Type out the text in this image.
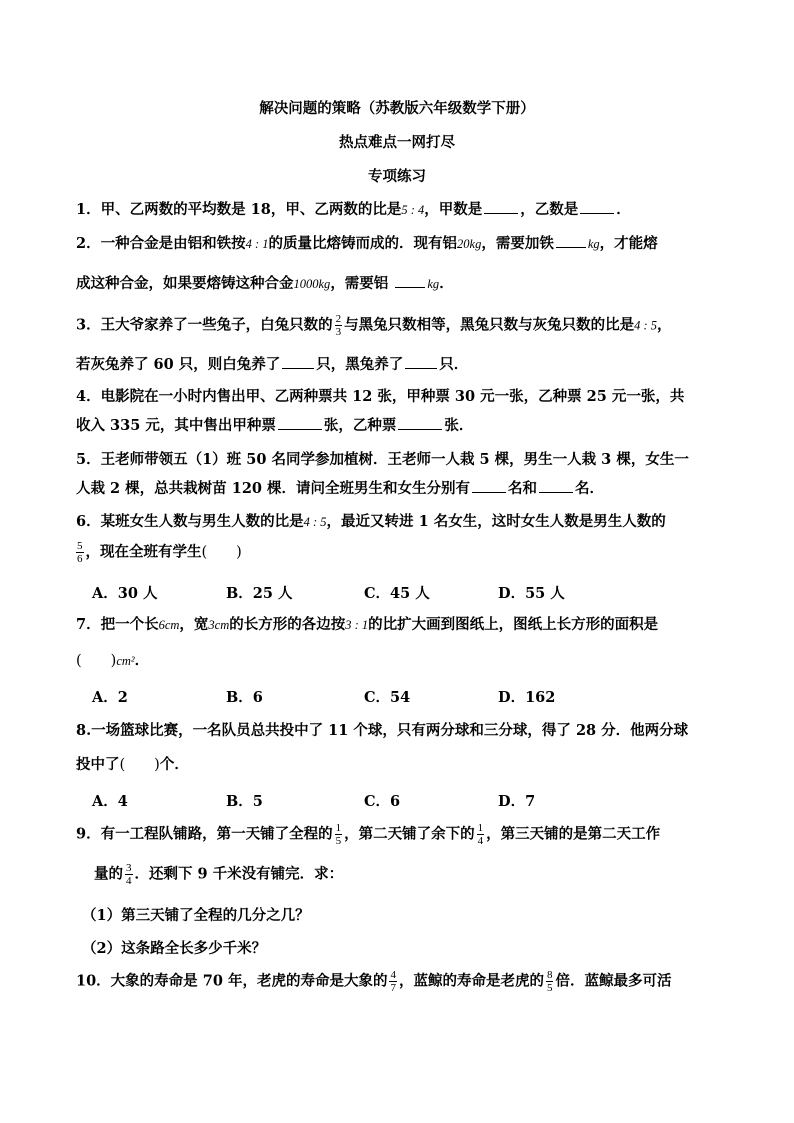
解决问题的策略（苏教版六年级数学下册）
热点难点一网打尽
专项练习
1．甲、乙两数的平均数是 18，甲、乙两数的比是5 : 4，甲数是	，乙数是	．
2．一种合金是由铝和铁按4 : 1的质量比熔铸而成的．现有铝20kg，需要加铁	kg，才能熔
成这种合金，如果要熔铸这种合金1000kg，需要铝	kg．
3．王大爷家养了一些兔子，白兔只数的 $\frac{2}{3}$ 与黑兔只数相等，黑兔只数与灰兔只数的比是4 : 5，
若灰兔养了 60 只，则白兔养了 只，黑兔养了 只．
4．电影院在一小时内售出甲、乙两种票共 12 张，甲种票 30 元一张，乙种票 25 元一张，共
收入 335 元，其中售出甲种票	张，乙种票	张．
5．王老师带领五（1）班 50 名同学参加植树．王老师一人栽 5 棵，男生一人栽 3 棵，女生一
人栽 2 棵，总共栽树苗 120 棵．请问全班男生和女生分别有	名和	名．
6．某班女生人数与男生人数的比是4 : 5，最近又转进 1 名女生，这时女生人数是男生人数的
$\frac{5}{6}$ ，现在全班有学生(　　)
A．30 人	B．25 人	C．45 人	D．55 人
7．把一个长6cm，宽3cm的长方形的各边按3 : 1的比扩大画到图纸上，图纸上长方形的面积是
(　　)cm²．
A．2	B．6	C．54	D．162
8.一场篮球比赛，一名队员总共投中了 11 个球，只有两分球和三分球，得了 28 分．他两分球
投中了(　　)个．
A．4	B．5	C．6	D．7
9．有一工程队铺路，第一天铺了全程的 $\frac{1}{5}$ ，第二天铺了余下的 $\frac{1}{4}$ ，第三天铺的是第二天工作
量的 $\frac{3}{4}$ ．还剩下 9 千米没有铺完．求：
（1）第三天铺了全程的几分之几？
（2）这条路全长多少千米？
10．大象的寿命是 70 年，老虎的寿命是大象的 $\frac{4}{7}$ ，蓝鲸的寿命是老虎的 $\frac{8}{5}$ 倍．蓝鲸最多可活
